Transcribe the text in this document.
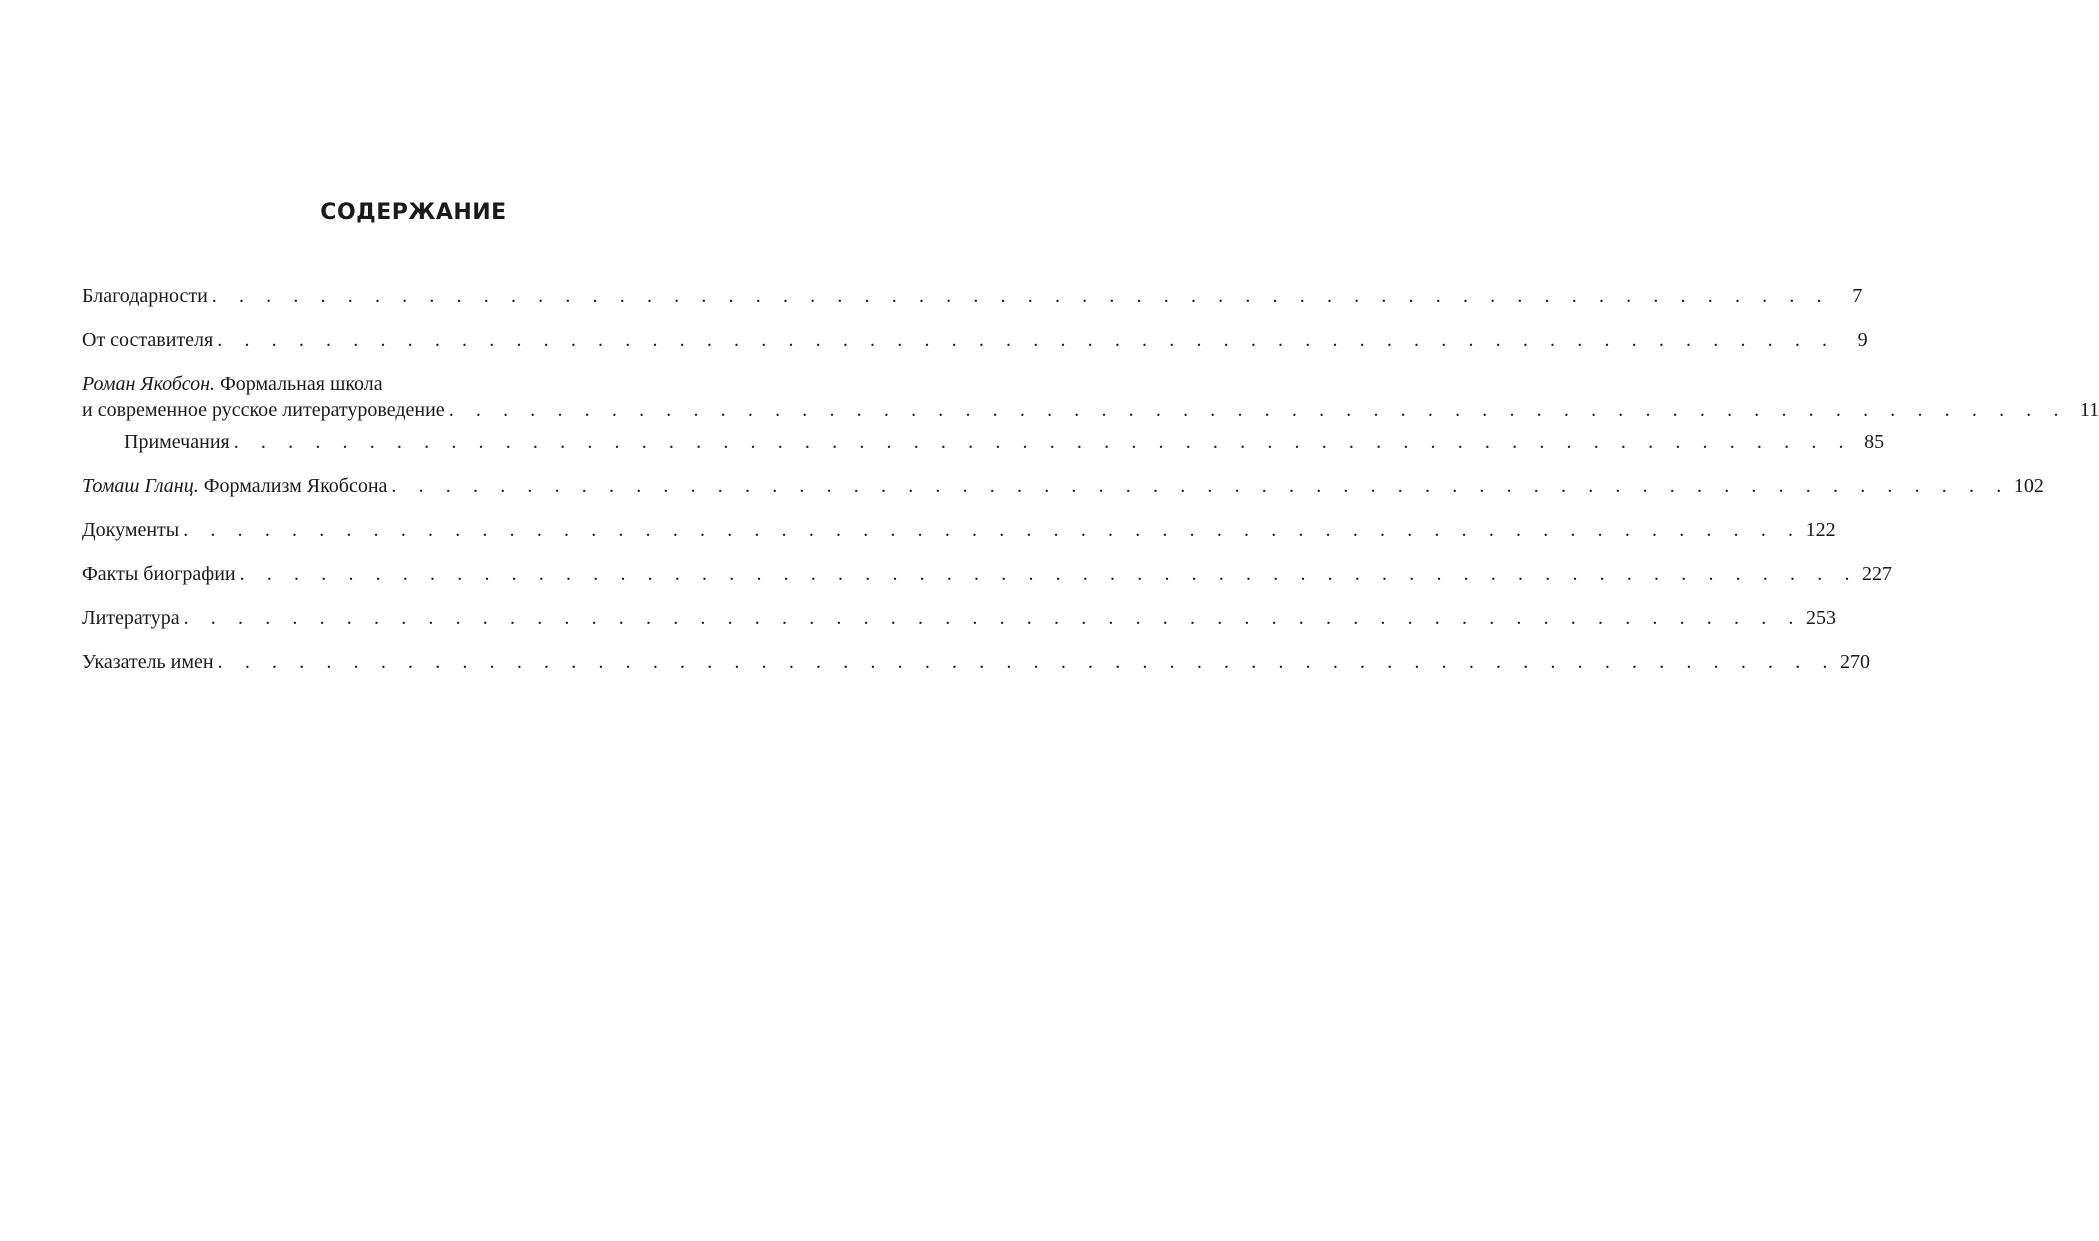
СОДЕРЖАНИЕ
Благодарности . . . . . . . . . . . . . . . . . . . . . . . . . . . . . . . . . . . . . . . . . . . . . . . . . . . . . . . . . . . .	7
От составителя . . . . . . . . . . . . . . . . . . . . . . . . . . . . . . . . . . . . . . . . . . . . . . . . . . . . . . . . . . . .	9
Роман Якобсон. Формальная школа
и современное русское литературоведение . . . . . . . . . . . . . . . . . . . . . . . . . . . . . . . . . . . . . . . . . . . . . . . . . . . . . . . . . . . . 11
Примечания . . . . . . . . . . . . . . . . . . . . . . . . . . . . . . . . . . . . . . . . . . . . . . . . . . . . . . . . . . . . 85
Томаш Гланц. Формализм Якобсона . . . . . . . . . . . . . . . . . . . . . . . . . . . . . . . . . . . . . . . . . . . . . . . . . . . . . . . . . . . . 102
Документы . . . . . . . . . . . . . . . . . . . . . . . . . . . . . . . . . . . . . . . . . . . . . . . . . . . . . . . . . . . . 122
Факты биографии . . . . . . . . . . . . . . . . . . . . . . . . . . . . . . . . . . . . . . . . . . . . . . . . . . . . . . . . . . . . 227
Литература . . . . . . . . . . . . . . . . . . . . . . . . . . . . . . . . . . . . . . . . . . . . . . . . . . . . . . . . . . . . 253
Указатель имен . . . . . . . . . . . . . . . . . . . . . . . . . . . . . . . . . . . . . . . . . . . . . . . . . . . . . . . . . . . . 270
